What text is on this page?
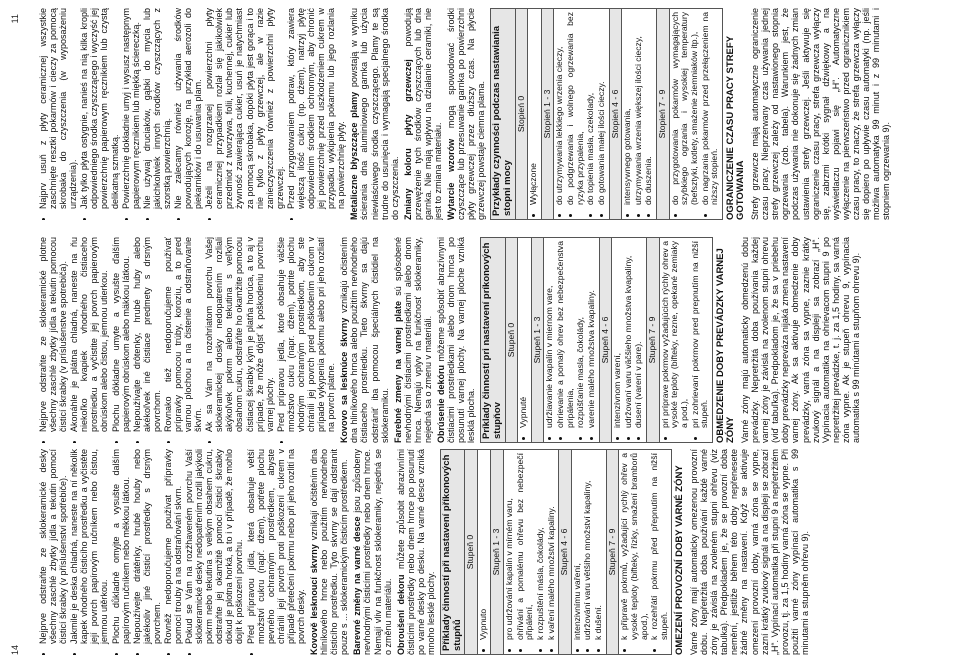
14
11
• Nejprve odstraňte ze sklokeramické desky všechny zaschlé zbytky jídla a tekutin pomocí čisticí škrabky (v příslušenství spotřebiče). • Jakmile je deska chladná, naneste na ní několik kapek vhodného čisticího prostředku a vyčistěte její povrch papírovým ručníkem nebo čistou, jemnou utěrkou. • Plochu důkladně omyjte a vysušte dalším papírovým ručníkem nebo měkkou látkou. • Nepoužívejte drátěnky, hrubé houby nebo jakékoliv jiné čisticí prostředky s drsným povrchem. • Rovněž nedoporučujeme používat přípravky pomocí trouby a na odstraňování skvrn. • Pokud se Vám na rozžhaveném povrchu Vaší sklokeramické desky nedopatřením rozlil jakýkoli pokrm nebo tekutina s velkým obsahem cukru, odstraňte jej okamžitě pomocí čisticí škrabky dokud je plotna horká, a to i v případě, že mohlo dojít k poškození povrchu. • Před přípravou jídla, která obsahuje větší množství cukru (např. džem), potřete plochu pevného ochranným prostředkem, abyste chránili její povrch proti poškození cukrem v případě přetečení pokrmu nebo při jeho rozlití na povrch desky. Kovově lesknoucí skvrny vznikají očištěním dna hliníkového hrnce nebo použitím nevhodného čisticího prostředku. Tyto skvrny se dají odstranit pouze s ... sklokeramickým čisticím prostředkem. Barevné změny na varné desce jsou způsobeny nevhodnými čisticími prostředky nebo dnem hrnce. Nemají vliv na funkčnost sklokeramiky, nejedná se o změnu materiálu. Obroušení dekoru můžete způsobit abrazivními čisticími prostředky nebo dnem hrnce po posunutí po varné desky po desku. Na varné desce vzniká mnoho lesklé plochy. Příklady činností při nastavení příkonových stupňů
Stupeň 0

• Vypnuto

Stupeň 1 - 3

• pro udržování kapalin v mírném varu, • ohřívání a pomalému ohřevu bez nebezpečí připálení, • k rozpuštění másla, čokolády, • k vaření malého množství kapaliny.

Stupeň 4 - 6

• intenzivnímu vaření, • udržování varu většího množství kapaliny, • k dušení.

Stupeň 7 - 9

• k přípravě pokrmů, vyžadující rychlý ohřev a vysoké teploty (bifteky, řízky, smažení bramborů apod.), • k rozehřátí pokrmu před přepnutím na nižší stupeň. OMEZENÍ PROVOZNÍ DOBY VARNÉ ZÓNY Varné zóny mají automaticky omezenou provozní dobu. Nepřetržitá doba používání každé varné zóny je závislá na zvoleném stupni ohřevu (viz tabulka). Předpokladem je, že se provozní doba nemění, jestliže během této doby nepřenesete žádné změny na nastavení. Když se aktivuje omezení provozní doby, varná zóna se vypne, zazní krátký zvukový signál a na displeji se zobrazí „H“. Vypínací automatika při stupni 9 a nepřetržitém provozu, tj. za 1,5 hodiny varná zóna se vypne. Při použití varné zóny vypínací automatika s 99 minutami a stupněm ohřevu 9).

• Nejprve odstraňte ze sklokeramické plotne všechny zaschlé zbytky jídla a tekutin pomocou čisticí škrabky (v príslušenstve spotrebiča). • Akonáhle je plátna chladná, naneste na ňu niekoľko kvapiek vhodného čistiaceho prostriedku a vyčistite jej povrch papierovým obrúskom alebo čistou, jemnou utierkou. • Plochu dôkladne umyte a vysušte ďalším papierovým obrúskom alebo mäkkou látkou. • Nepoužívajte drôtenky, hrubé huby alebo akékoľvek iné čistiace predmety s drsným povrchom. • Rovnako tiež nedoporučujeme používať prípravky pomocou trúby, koroziu, a to pred varnou plochou a na čistenie a odstraňovanie škvŕn. • Ak sa Vám na rozohriatom povrchu Vašej sklokeramickej dosky nedopatrením rozliali akýkoľvek pokrm alebo tekutina s veľkým obsahom cukru, odstráňte ho okamžite pomocou čistiacej škrabky kým je platňa horúca, a to aj v prípade, že môže dôjsť k poškodeniu povrchu varnej plochy. • Pred prípravou jedla, ktoré obsahuje väčšie množstvo cukru (napr. džem), potrite plochu vhodným ochranným prostriedkom, aby ste chránili jej povrch pred poškodením cukrom v prípade vykypenia pokrmu alebo pri jeho rozliatí na povrch platne. Kovovo sa lesknúce škvrny vznikajú očistením dna hliníkového hrnca alebo použitím nevhodného čistiaceho prostriedku. Tieto škvrny sa dajú odstrániť iba pomocou špeciálnych čistidiel na sklokeramiku. Farebné zmeny na varnej plate sú spôsobené nevhodnými čistiacimi prostriedkami alebo dnom hrnca. Nemajú vplyv na funkčnosť sklokeramiky, nejedná sa o zmenu v materiáli. Obrúsenie dekóru môžeme spôsobiť abrazívnymi čistiacimi prostriedkami alebo dnom hrnca po posunutí varnej plochy. Na varnej ploche vzniká lesklá plocha. Príklady činností pri nastavení príkonových stupňov
Stupeň 0

• Vypnuté

Stupeň 1 - 3

• udržiavanie kvapalín v miernom vare, • ohrievanie a pomalý ohrev bez nebezpečenstva pripálenia, • rozpúšťanie masla, čokolády, • varenie malého množstva kvapaliny.

Stupeň 4 - 6

• intenzívnom varení, • udržovaní varu väčšieho množstva kvapaliny, • dusení (varení v pare).

Stupeň 7 - 9

• pri príprave pokrmov vyžadujúcich rýchly ohrev a vysoké teploty (bifteky, rezne, opekané zemiaky a pod.), • pri zohrievaní pokrmov pred prepnutím na nižší stupeň. OBMEDZENIE DOBY PREVÁDZKY VARNEJ ZÓNY Varné zóny majú automaticky obmedzenú dobu prevádzky. Nepretržitá doba používania každej varnej zóny je závislá na zvolenom stupni ohrevu (viď tabuľka). Predpokladom je, že sa v priebehu doby prevádzky nepreváza nijaká zmena nastavení varnej zóny. Ak sa aktivuje obmedzenie doby prevádzky, varná zóna sa vypne, zaznie krátky zvukový signál a na displeji sa zobrazí „H“. Vypínacia automatika na ohrievacom stupni 9 po nepretržitej prevádzke, t. j. za 1,5 hodiny, sa varná zóna vypne. Ak je stupeň ohrevu 9, vypínacia automatika s 99 minútami a stupňom ohrevu 9).

• Najprv usuň z płyty ceramicznej wszystkie zaschnięte resztki pokarmów i cieczy za pomocą skrobaka do czyszczenia (w wyposażeniu urządzenia). • Jak tylko płyta ostygnie, nanieś na nią kilka kropli odpowiedniego środka czyszczącego i wyczyść jej powierzchnię papierowym ręcznikiem lub czystą delikatną szmatką. • Powierzchnię dokładnie umyj i wysusz następnym papierowym ręcznikiem lub miękką ściereczką. • Nie używaj druciaków, gąbki do mycia lub jakichkolwiek innych środków czyszczących z szorstką powierzchnią. • Nie zalecamy również używania środków powodujących korozję, na przykład aerozoli do piekarników i do usuwania plam. • Jeżeli na rozgrzanej powierzchni płyty ceramicznej przypadkiem rozlał się jakikolwiek przedmiot z tworzywa, folii, kuchennej, cukier lub żywność zawierająca cukier, usuń je natychmiast za pomocą skrobaka, dopóki płyta jest gorąca i to nie tylko z płyty grzewczej, ale w razie zanieczyszczenia również z powierzchni płyty grzewczej. • Przed przygotowaniem potraw, który zawiera większą ilość cukru (np. dżem), natrzyj płytę odpowiednim środkiem ochronnym, aby chronić jej powierzchnię przed uszkodzeniem cukrem w przypadku wykipienia pokarmu lub jego rozlania na powierzchnię płyty. Metaliczne błyszczące plamy powstają w wyniku ścierania dna aluminiowego garnka lub użycia niewłaściwego środka czyszczącego. Plamy te są trudne do usunięcia i wymagają specjalnego środka do czyszczenia. Zmiany koloru płyty grzewczej powodują przewężenie tych środków czyszczących lub dna garnka. Nie mają wpływu na działanie ceramiki, nie jest to zmiana materiału. Wytarcie wzorów mogą spowodować środki czyszczące lub przesuwanie garnka po powierzchni płyty grzewczej przez dłuższy czas. Na płycie grzewczej powstaje ciemna plama. Przykłady czynności podczas nastawiania stopni mocy
Stopień 0

• Wyłączone

Stopień 1 - 3

• do utrzymywania lekkiego wrzenia cieczy, • do podgrzewania i wolnego ogrzewania bez ryzyka przypalenia, • do topienia masła, czekolady, • do gotowania małej ilości cieczy.

Stopień 4 - 6

• intensywnego gotowania, • utrzymywania wrzenia większej ilości cieczy, • do duszenia.

Stopień 7 - 9

• do przygotowania pokarmów wymagających szybkiego ogrzania i wysokiej temperatury (befsztyki, kotlety, smażenie ziemniaków itp.), • do nagrzania pokarmów przed przełączeniem na niższy stopień. OGRANICZENIE CZASU PRACY STREFY GOTOWANIA Strefy grzewcze mają automatyczne ograniczenie czasu pracy. Nieprzerwany czas używania jednej strefy grzewczej zależy od nastawionego stopnia ogrzewania (zob. tabela). Warunkiem jest, że podczas używania nie dokonuje się żadnych zmian ustawienia strefy grzewczej. Jeśli aktywuje się ograniczenie czasu pracy, strefa grzewcza wyłączy się, zabrzmi krótki sygnał dźwiękowy a na wyświetlaczu pojawi się „H“. Automatyczne wyłączenie na pierwszeństwo przed ogranicznikiem czasu pracy, to znaczy, że strefa grzewcza wyłączy się dopiero po upływie czasu automatyki (np. jeśli możliwa automatyka 99 minut i z 99 minutami i stopniem ogrzewania 9).
